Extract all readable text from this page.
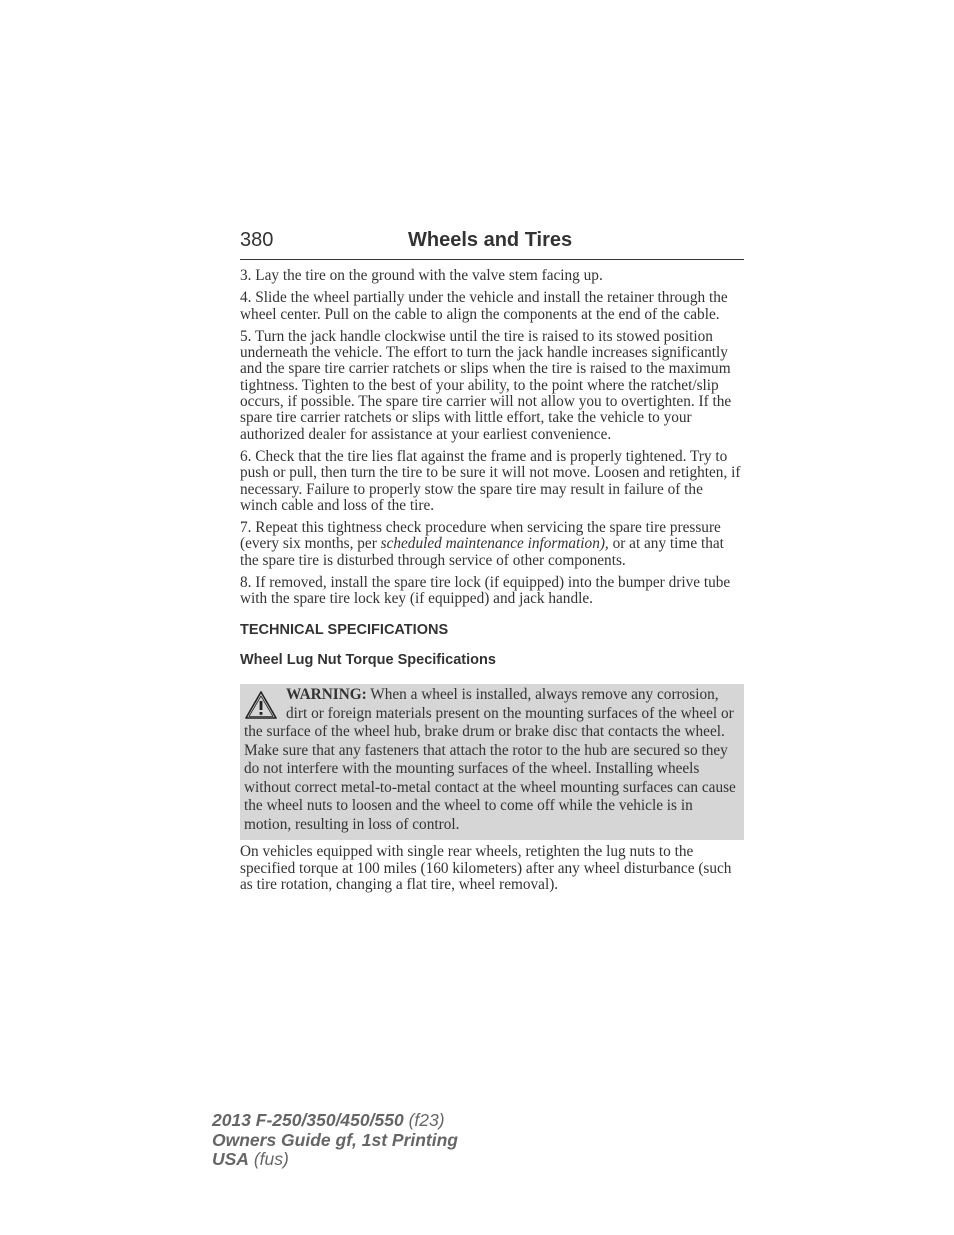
380	Wheels and Tires

3. Lay the tire on the ground with the valve stem facing up.

4. Slide the wheel partially under the vehicle and install the retainer through the wheel center. Pull on the cable to align the components at the end of the cable.

5. Turn the jack handle clockwise until the tire is raised to its stowed position underneath the vehicle. The effort to turn the jack handle increases significantly and the spare tire carrier ratchets or slips when the tire is raised to the maximum tightness. Tighten to the best of your ability, to the point where the ratchet/slip occurs, if possible. The spare tire carrier will not allow you to overtighten. If the spare tire carrier ratchets or slips with little effort, take the vehicle to your authorized dealer for assistance at your earliest convenience.

6. Check that the tire lies flat against the frame and is properly tightened. Try to push or pull, then turn the tire to be sure it will not move. Loosen and retighten, if necessary. Failure to properly stow the spare tire may result in failure of the winch cable and loss of the tire.

7. Repeat this tightness check procedure when servicing the spare tire pressure (every six months, per scheduled maintenance information), or at any time that the spare tire is disturbed through service of other components.

8. If removed, install the spare tire lock (if equipped) into the bumper drive tube with the spare tire lock key (if equipped) and jack handle.

TECHNICAL SPECIFICATIONS
Wheel Lug Nut Torque Specifications
WARNING: When a wheel is installed, always remove any corrosion, dirt or foreign materials present on the mounting surfaces of the wheel or the surface of the wheel hub, brake drum or brake disc that contacts the wheel. Make sure that any fasteners that attach the rotor to the hub are secured so they do not interfere with the mounting surfaces of the wheel. Installing wheels without correct metal-to-metal contact at the wheel mounting surfaces can cause the wheel nuts to loosen and the wheel to come off while the vehicle is in motion, resulting in loss of control.

On vehicles equipped with single rear wheels, retighten the lug nuts to the specified torque at 100 miles (160 kilometers) after any wheel disturbance (such as tire rotation, changing a flat tire, wheel removal).

2013 F-250/350/450/550 (f23)
Owners Guide gf, 1st Printing
USA (fus)
